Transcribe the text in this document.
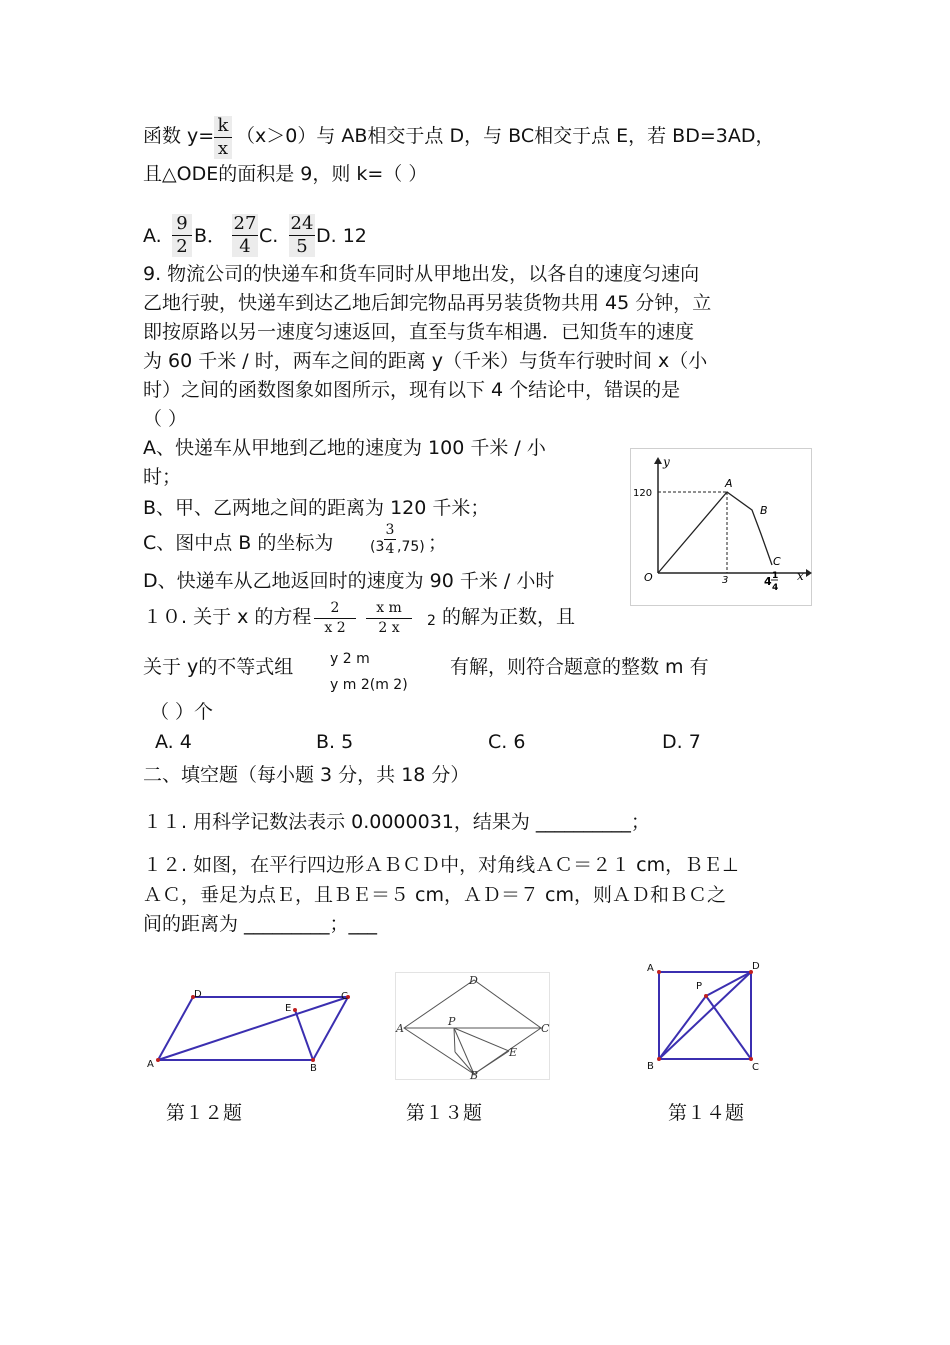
函数 y= k
x
（x＞0）与 AB相交于点 D，与 BC相交于点 E，若 BD=3AD，
且△ODE的面积是 9，则 k=（ ）
A.
9
2 B．
27
4 C.
24
5 D. 12
9. 物流公司的快递车和货车同时从甲地出发，以各自的速度匀速向
乙地行驶，快递车到达乙地后卸完物品再另装货物共用 45 分钟，立
即按原路以另一速度匀速返回，直至与货车相遇．已知货车的速度
为 60 千米 / 时，两车之间的距离 y（千米）与货车行驶时间 x（小
时）之间的函数图象如图所示，现有以下 4 个结论中，错误的是
（ ）
A、快递车从甲地到乙地的速度为 100 千米 / 小
时；
B、甲、乙两地之间的距离为 120 千米；
C、图中点 B 的坐标为	(3
3
4 ,75) ；
D、快递车从乙地返回时的速度为 90 千米 / 小时
y
x
120
3	4 1
4
O
A
B
C
１０. 关于 x 的方程	2
x 2
x m
2 x	2 的解为正数，且
关于 y的不等式组	y 2 m
y m 2(m 2)
有解，则符合题意的整数 m 有
（ ）个
A. 4	B. 5	C. 6	D. 7
二、填空题（每小题 3 分，共 18 分）
１１. 用科学记数法表示 0.0000031，结果为 __________；
１２. 如图，在平行四边形ＡＢＣＤ中，对角线ＡＣ＝２１ cm，ＢＥ⊥
ＡＣ，垂足为点Ｅ，且ＢＥ＝５ cm，ＡＤ＝７ cm，则ＡＤ和ＢＣ之
间的距离为 _________；___
A	B
C
D
E
A
B
C
D
E
P
A	D
B	C
P
第１２题	第１３题	第１４题
